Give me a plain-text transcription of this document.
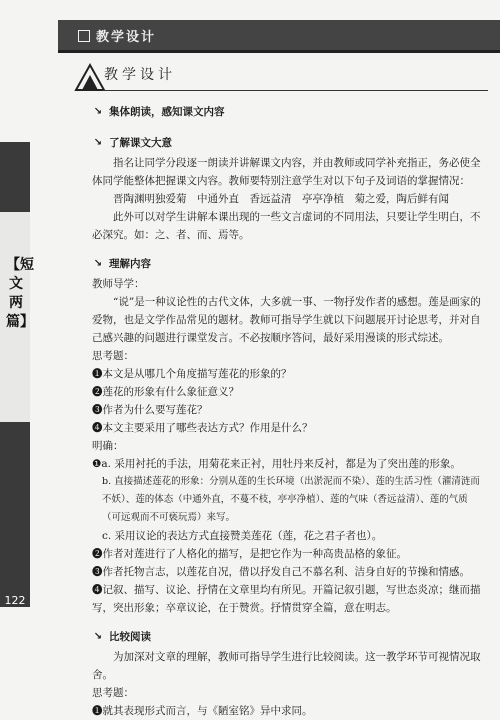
教学设计
【短文两篇】
122
教学设计
↘ 集体朗读，感知课文内容
↘ 了解课文大意

指名让同学分段逐一朗读并讲解课文内容，并由教师或同学补充指正，务必使全体同学能整体把握课文内容。教师要特别注意学生对以下句子及词语的掌握情况：

晋陶渊明独爱菊　中通外直　香远益清　亭亭净植　菊之爱，陶后鲜有闻

此外可以对学生讲解本课出现的一些文言虚词的不同用法，只要让学生明白，不必深究。如：之、者、而、焉等。

↘ 理解内容

教师导学：

“说”是一种议论性的古代文体，大多就一事、一物抒发作者的感想。莲是画家的爱物，也是文学作品常见的题材。教师可指导学生就以下问题展开讨论思考，并对自己感兴趣的问题进行课堂发言。不必按顺序答问，最好采用漫谈的形式综述。

思考题：

❶本文是从哪几个角度描写莲花的形象的？

❷莲花的形象有什么象征意义？

❸作者为什么要写莲花？

❹本文主要采用了哪些表达方式？作用是什么？

明确：

❶a. 采用衬托的手法，用菊花来正衬，用牡丹来反衬，都是为了突出莲的形象。

b. 直接描述莲花的形象：分别从莲的生长环境（出淤泥而不染）、莲的生活习性（濯清涟而不妖）、莲的体态（中通外直，不蔓不枝，亭亭净植）、莲的气味（香远益清）、莲的气质（可远观而不可亵玩焉）来写。

c. 采用议论的表达方式直接赞美莲花（莲，花之君子者也）。

❷作者对莲进行了人格化的描写，是把它作为一种高贵品格的象征。

❸作者托物言志，以莲花自况，借以抒发自己不慕名利、洁身自好的节操和情感。

❹记叙、描写、议论、抒情在文章里均有所见。开篇记叙引题，写世态炎凉；继而描写，突出形象；卒章议论，在于赞赏。抒情贯穿全篇，意在明志。

↘ 比较阅读

为加深对文章的理解，教师可指导学生进行比较阅读。这一教学环节可视情况取舍。

思考题：

❶就其表现形式而言，与《陋室铭》异中求同。
